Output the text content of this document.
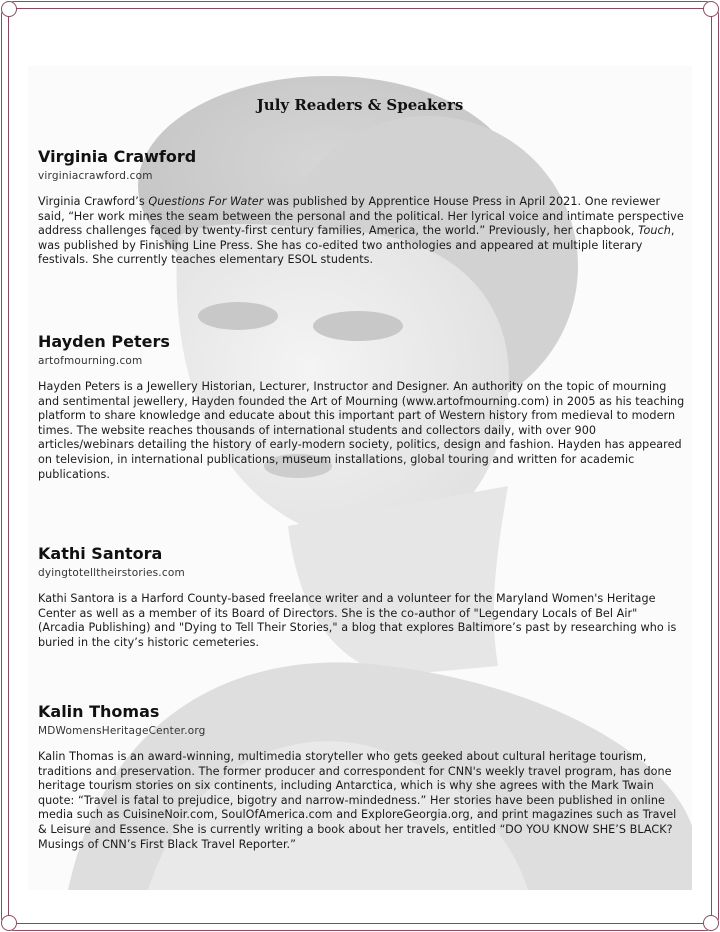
July Readers & Speakers

Virginia Crawford

virginiacrawford.com

Virginia Crawford’s Questions For Water was published by Apprentice House Press in April 2021. One reviewer said, “Her work mines the seam between the personal and the political. Her lyrical voice and intimate perspective address challenges faced by twenty-first century families, America, the world.” Previously, her chapbook, Touch, was published by Finishing Line Press. She has co-edited two anthologies and appeared at multiple literary festivals. She currently teaches elementary ESOL students.

Hayden Peters

artofmourning.com

Hayden Peters is a Jewellery Historian, Lecturer, Instructor and Designer. An authority on the topic of mourning and sentimental jewellery, Hayden founded the Art of Mourning (www.artofmourning.com) in 2005 as his teaching platform to share knowledge and educate about this important part of Western history from medieval to modern times. The website reaches thousands of international students and collectors daily, with over 900 articles/webinars detailing the history of early-modern society, politics, design and fashion. Hayden has appeared on television, in international publications, museum installations, global touring and written for academic publications.

Kathi Santora

dyingtotelltheirstories.com

Kathi Santora is a Harford County-based freelance writer and a volunteer for the Maryland Women's Heritage Center as well as a member of its Board of Directors. She is the co-author of "Legendary Locals of Bel Air" (Arcadia Publishing) and "Dying to Tell Their Stories," a blog that explores Baltimore’s past by researching who is buried in the city’s historic cemeteries.

Kalin Thomas

MDWomensHeritageCenter.org

Kalin Thomas is an award-winning, multimedia storyteller who gets geeked about cultural heritage tourism, traditions and preservation. The former producer and correspondent for CNN's weekly travel program, has done heritage tourism stories on six continents, including Antarctica, which is why she agrees with the Mark Twain quote: “Travel is fatal to prejudice, bigotry and narrow-mindedness.” Her stories have been published in online media such as CuisineNoir.com, SoulOfAmerica.com and ExploreGeorgia.org, and print magazines such as Travel & Leisure and Essence. She is currently writing a book about her travels, entitled “DO YOU KNOW SHE’S BLACK? Musings of CNN’s First Black Travel Reporter.”
